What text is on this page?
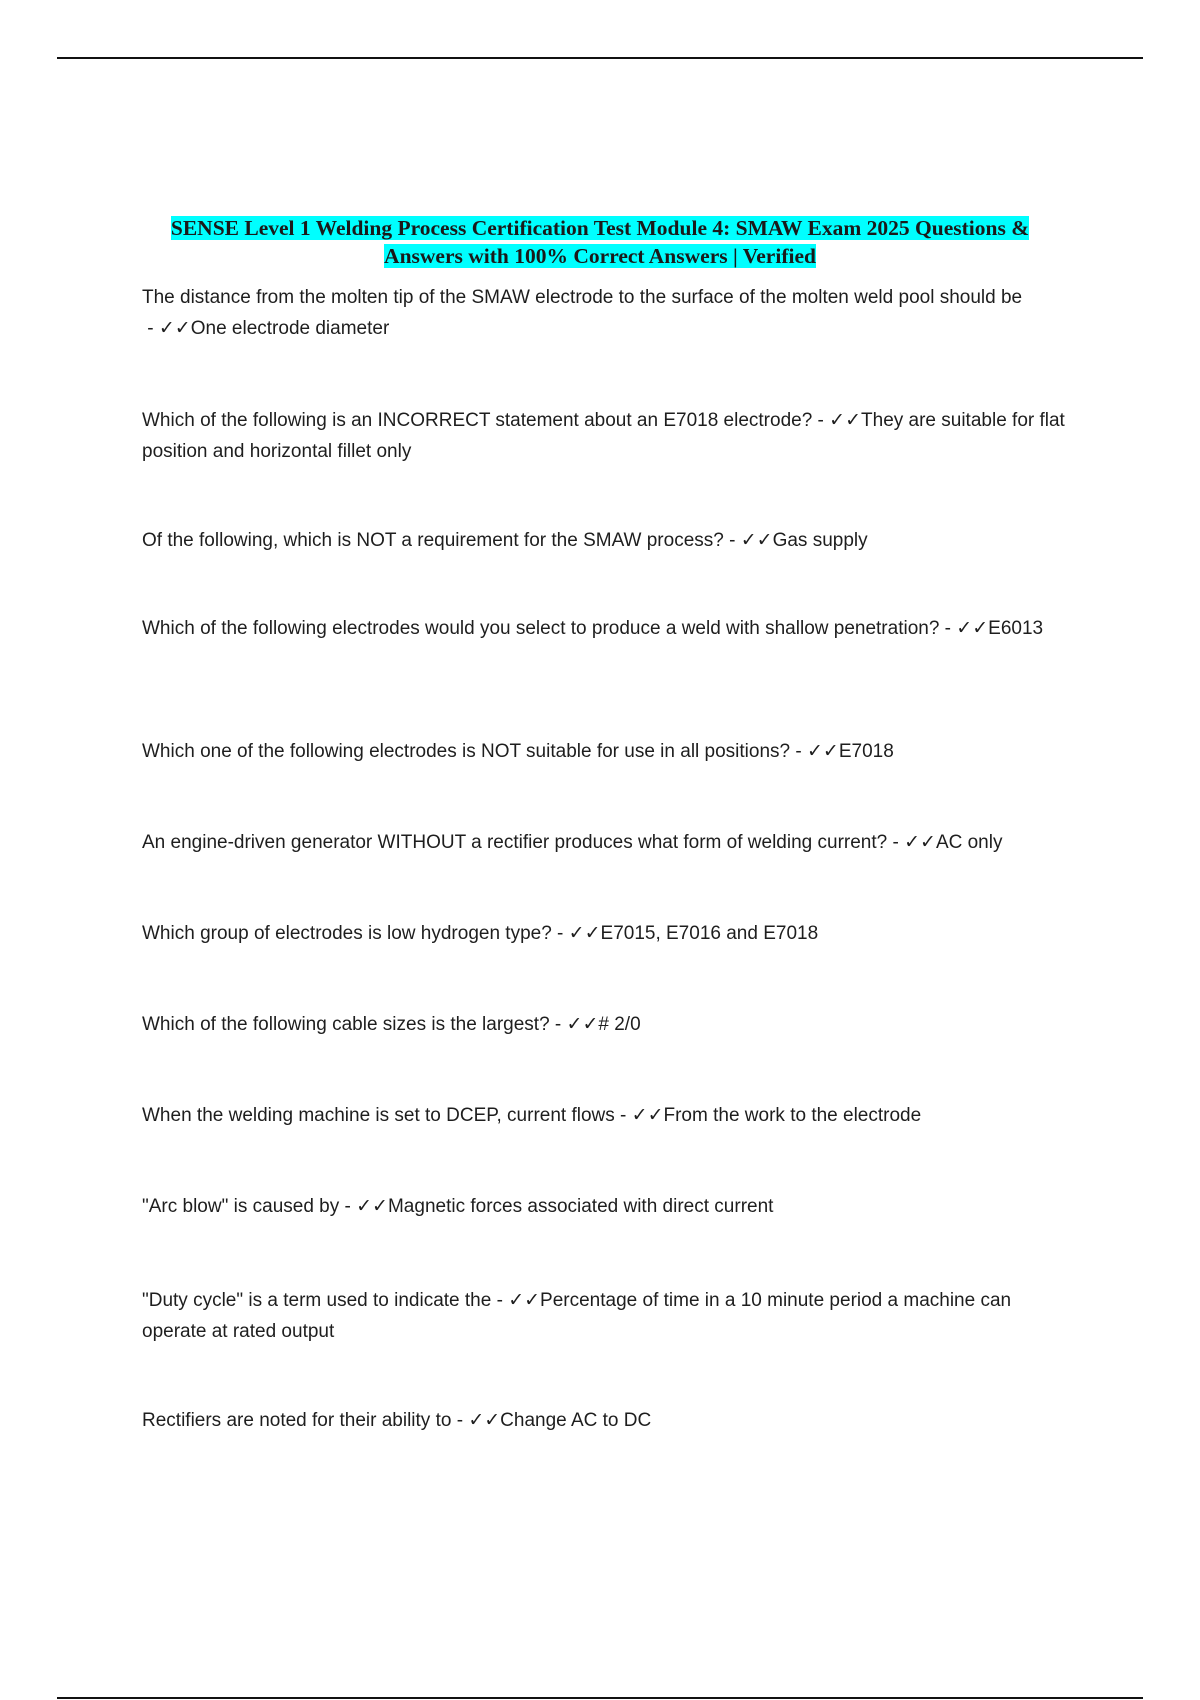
SENSE Level 1 Welding Process Certification Test Module 4: SMAW Exam 2025 Questions & Answers with 100% Correct Answers | Verified
The distance from the molten tip of the SMAW electrode to the surface of the molten weld pool should be - ✓✓One electrode diameter
Which of the following is an INCORRECT statement about an E7018 electrode? - ✓✓They are suitable for flat position and horizontal fillet only
Of the following, which is NOT a requirement for the SMAW process? - ✓✓Gas supply
Which of the following electrodes would you select to produce a weld with shallow penetration? - ✓✓E6013
Which one of the following electrodes is NOT suitable for use in all positions? - ✓✓E7018
An engine-driven generator WITHOUT a rectifier produces what form of welding current? - ✓✓AC only
Which group of electrodes is low hydrogen type? - ✓✓E7015, E7016 and E7018
Which of the following cable sizes is the largest? - ✓✓# 2/0
When the welding machine is set to DCEP, current flows - ✓✓From the work to the electrode
"Arc blow" is caused by - ✓✓Magnetic forces associated with direct current
"Duty cycle" is a term used to indicate the - ✓✓Percentage of time in a 10 minute period a machine can operate at rated output
Rectifiers are noted for their ability to - ✓✓Change AC to DC
